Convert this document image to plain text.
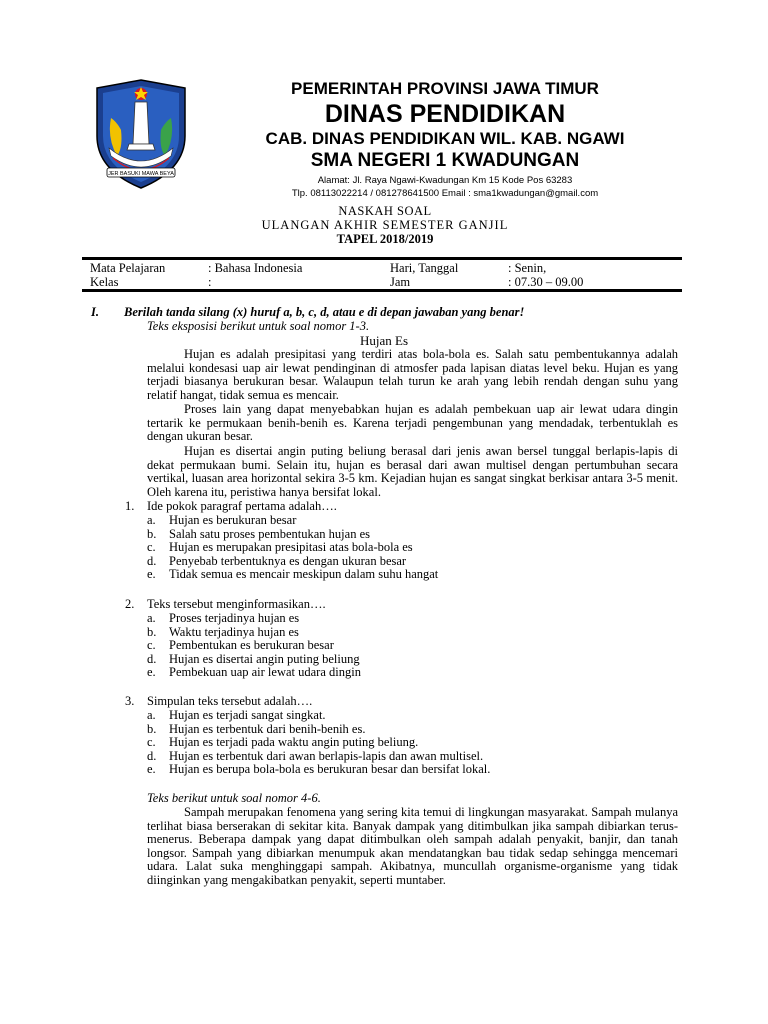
JER BASUKI MAWA BEYA
PEMERINTAH PROVINSI JAWA TIMUR
DINAS PENDIDIKAN
CAB. DINAS PENDIDIKAN WIL. KAB. NGAWI
SMA NEGERI 1 KWADUNGAN
Alamat: Jl. Raya Ngawi-Kwadungan Km 15 Kode Pos 63283
Tlp. 08113022214 / 081278641500 Email : sma1kwadungan@gmail.com
NASKAH SOAL
ULANGAN AKHIR SEMESTER GANJIL
TAPEL 2018/2019
Mata Pelajaran	: Bahasa Indonesia	Hari, Tanggal	: Senin,
Kelas	:	Jam	: 07.30 – 09.00
I. Berilah tanda silang (x) huruf a, b, c, d, atau e di depan jawaban yang benar!
Teks eksposisi berikut untuk soal nomor 1-3.
Hujan Es

Hujan es adalah presipitasi yang terdiri atas bola-bola es. Salah satu pembentukannya adalah melalui kondesasi uap air lewat pendinginan di atmosfer pada lapisan diatas level beku. Hujan es yang terjadi biasanya berukuran besar. Walaupun telah turun ke arah yang lebih rendah dengan suhu yang relatif hangat, tidak semua es mencair.

Proses lain yang dapat menyebabkan hujan es adalah pembekuan uap air lewat udara dingin tertarik ke permukaan benih-benih es. Karena terjadi pengembunan yang mendadak, terbentuklah es dengan ukuran besar.

Hujan es disertai angin puting beliung berasal dari jenis awan bersel tunggal berlapis-lapis di dekat permukaan bumi. Selain itu, hujan es berasal dari awan multisel dengan pertumbuhan secara vertikal, luasan area horizontal sekira 3-5 km. Kejadian hujan es sangat singkat berkisar antara 3-5 menit. Oleh karena itu, peristiwa hanya bersifat lokal.

1. Ide pokok paragraf pertama adalah….
a. Hujan es berukuran besar
b. Salah satu proses pembentukan hujan es
c. Hujan es merupakan presipitasi atas bola-bola es
d. Penyebab terbentuknya es dengan ukuran besar
e. Tidak semua es mencair meskipun dalam suhu hangat
2. Teks tersebut menginformasikan….
a. Proses terjadinya hujan es
b. Waktu terjadinya hujan es
c. Pembentukan es berukuran besar
d. Hujan es disertai angin puting beliung
e. Pembekuan uap air lewat udara dingin
3. Simpulan teks tersebut adalah….
a. Hujan es terjadi sangat singkat.
b. Hujan es terbentuk dari benih-benih es.
c. Hujan es terjadi pada waktu angin puting beliung.
d. Hujan es terbentuk dari awan berlapis-lapis dan awan multisel.
e. Hujan es berupa bola-bola es berukuran besar dan bersifat lokal.
Teks berikut untuk soal nomor 4-6.

Sampah merupakan fenomena yang sering kita temui di lingkungan masyarakat. Sampah mulanya terlihat biasa berserakan di sekitar kita. Banyak dampak yang ditimbulkan jika sampah dibiarkan terus-menerus. Beberapa dampak yang dapat ditimbulkan oleh sampah adalah penyakit, banjir, dan tanah longsor. Sampah yang dibiarkan menumpuk akan mendatangkan bau tidak sedap sehingga mencemari udara. Lalat suka menghinggapi sampah. Akibatnya, muncullah organisme-organisme yang tidak diinginkan yang mengakibatkan penyakit, seperti muntaber.
